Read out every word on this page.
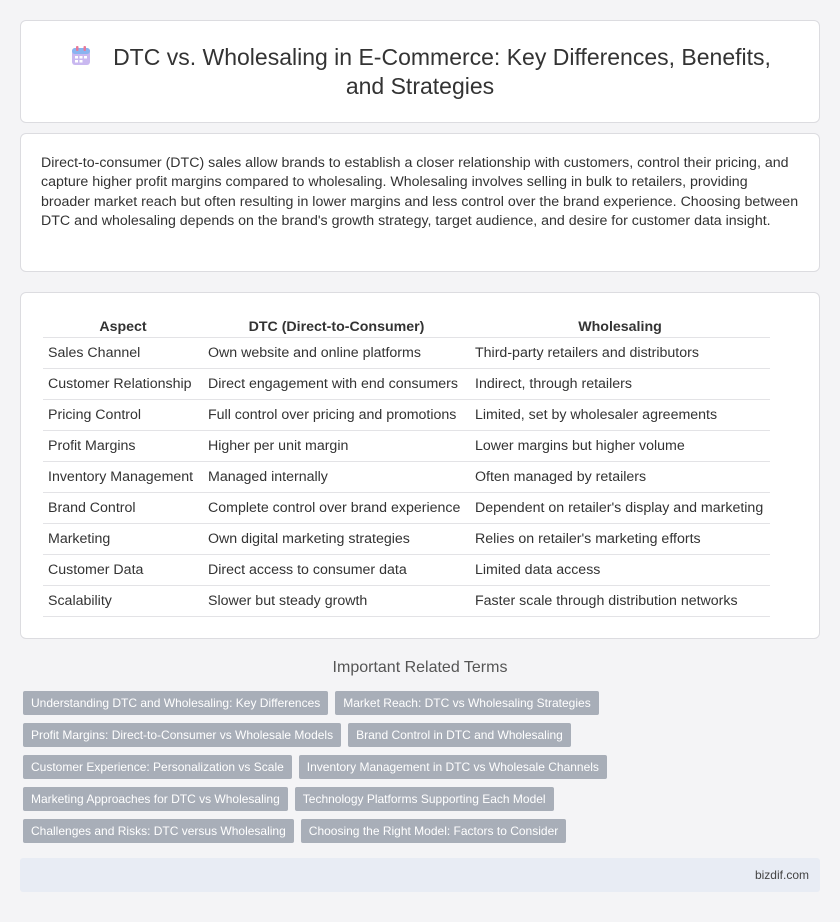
DTC vs. Wholesaling in E-Commerce: Key Differences, Benefits, and Strategies

Direct-to-consumer (DTC) sales allow brands to establish a closer relationship with customers, control their pricing, and capture higher profit margins compared to wholesaling. Wholesaling involves selling in bulk to retailers, providing broader market reach but often resulting in lower margins and less control over the brand experience. Choosing between DTC and wholesaling depends on the brand's growth strategy, target audience, and desire for customer data insight.

Aspect	DTC (Direct-to-Consumer)	Wholesaling
Sales Channel	Own website and online platforms	Third-party retailers and distributors
Customer Relationship	Direct engagement with end consumers	Indirect, through retailers
Pricing Control	Full control over pricing and promotions	Limited, set by wholesaler agreements
Profit Margins	Higher per unit margin	Lower margins but higher volume
Inventory Management	Managed internally	Often managed by retailers
Brand Control	Complete control over brand experience	Dependent on retailer's display and marketing
Marketing	Own digital marketing strategies	Relies on retailer's marketing efforts
Customer Data	Direct access to consumer data	Limited data access
Scalability	Slower but steady growth	Faster scale through distribution networks
Important Related Terms
Understanding DTC and Wholesaling: Key Differences	Market Reach: DTC vs Wholesaling Strategies
Profit Margins: Direct-to-Consumer vs Wholesale Models	Brand Control in DTC and Wholesaling
Customer Experience: Personalization vs Scale	Inventory Management in DTC vs Wholesale Channels
Marketing Approaches for DTC vs Wholesaling	Technology Platforms Supporting Each Model
Challenges and Risks: DTC versus Wholesaling	Choosing the Right Model: Factors to Consider
bizdif.com
